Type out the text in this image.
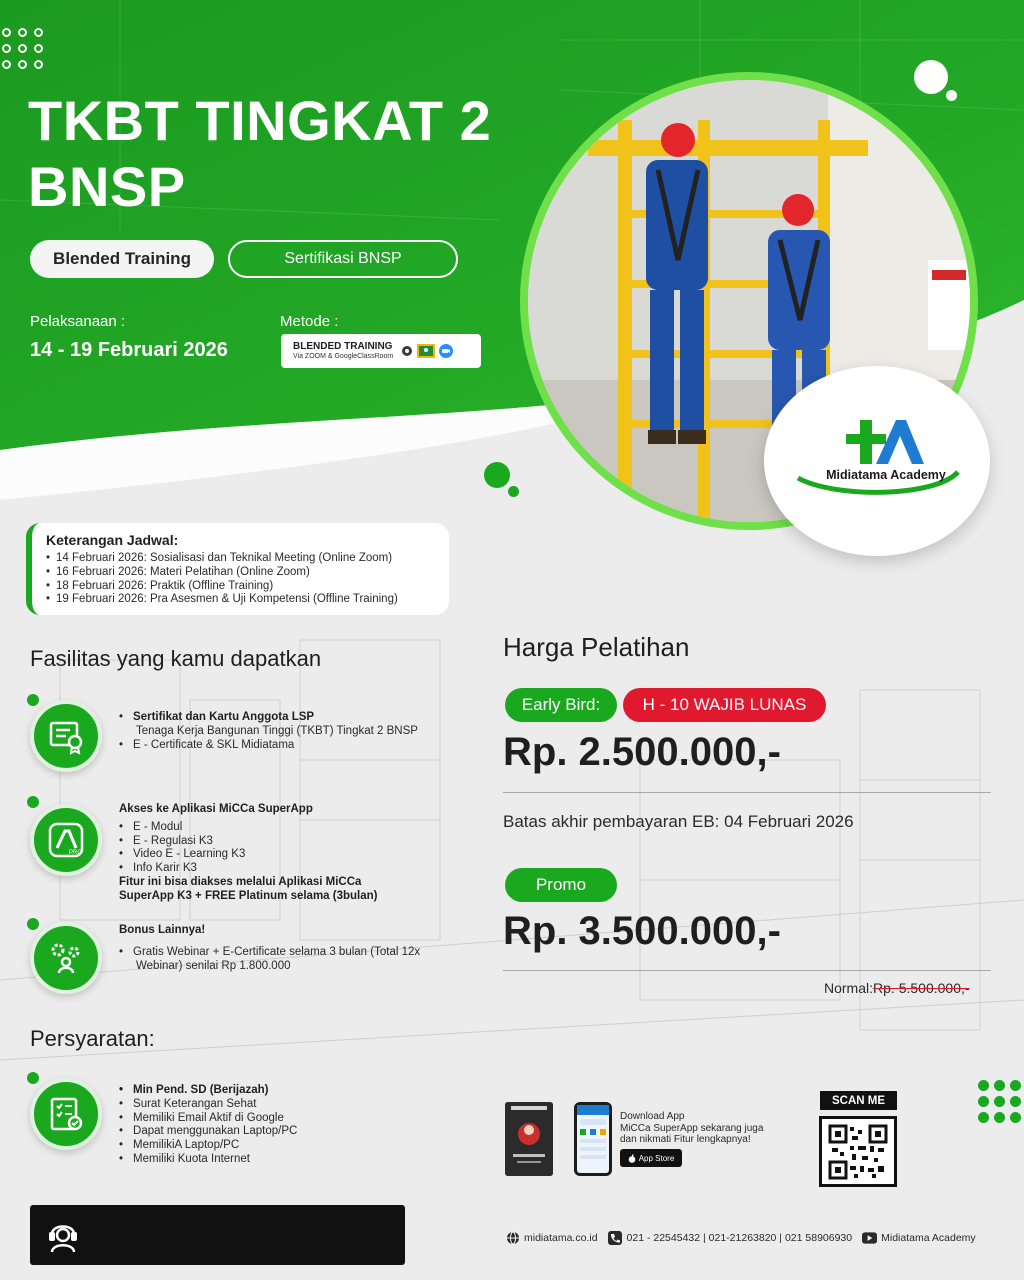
TKBT TINGKAT 2
BNSP
Blended Training	Sertifikasi BNSP
Pelaksanaan :
14 - 19 Februari 2026
Metode :
BLENDED TRAINING
Via ZOOM & GoogleClassRoom
Midiatama Academy
Keterangan Jadwal:
• 14 Februari 2026: Sosialisasi dan Teknikal Meeting (Online Zoom)
• 16 Februari 2026: Materi Pelatihan (Online Zoom)
• 18 Februari 2026: Praktik (Offline Training)
• 19 Februari 2026: Pra Asesmen & Uji Kompetensi (Offline Training)
Fasilitas yang kamu dapatkan
• Sertifikat dan Kartu Anggota LSP
Tenaga Kerja Bangunan Tinggi (TKBT) Tingkat 2 BNSP
• E - Certificate & SKL Midiatama
PRO
Akses ke Aplikasi MiCCa SuperApp
• E - Modul
• E - Regulasi K3
• Video E - Learning K3
• Info Karir K3
Fitur ini bisa diakses melalui Aplikasi MiCCa SuperApp K3 + FREE Platinum selama (3bulan)
Bonus Lainnya!
• Gratis Webinar + E-Certificate selama 3 bulan (Total 12x Webinar) senilai Rp 1.800.000
Persyaratan:
• Min Pend. SD (Berijazah)
• Surat Keterangan Sehat
• Memiliki Email Aktif di Google
• Dapat menggunakan Laptop/PC
• MemilikiA Laptop/PC
• Memiliki Kuota Internet
Harga Pelatihan
Early Bird:	H - 10 WAJIB LUNAS
Rp. 2.500.000,-
Batas akhir pembayaran EB: 04 Februari 2026
Promo
Rp. 3.500.000,-
Normal:Rp. 5.500.000,-
Download App
MiCCa SuperApp sekarang juga
dan nikmati Fitur lengkapnya!
App Store
SCAN ME
midiatama.co.id	021 - 22545432 | 021-21263820 | 021 58906930	Midiatama Academy
